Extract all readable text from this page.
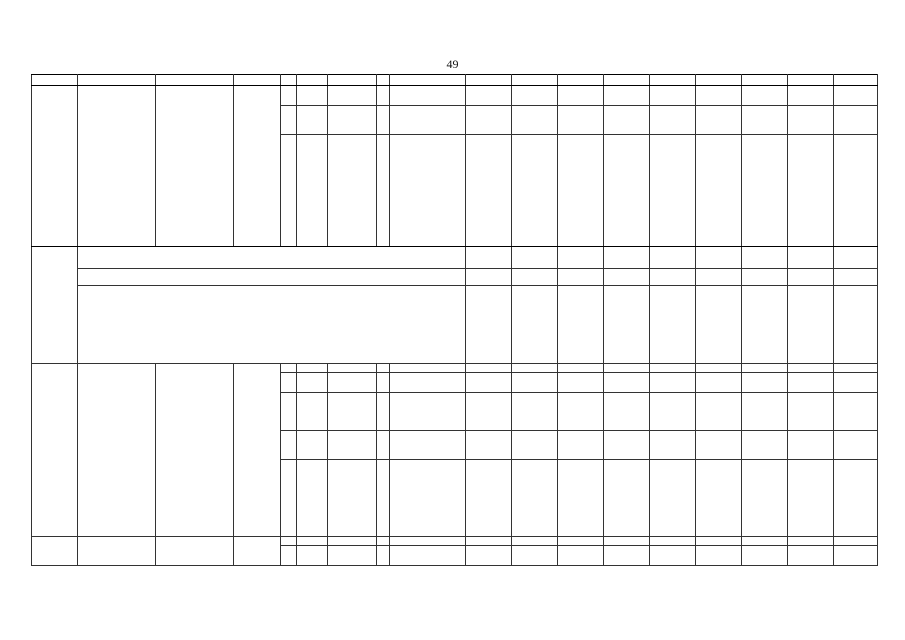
49
